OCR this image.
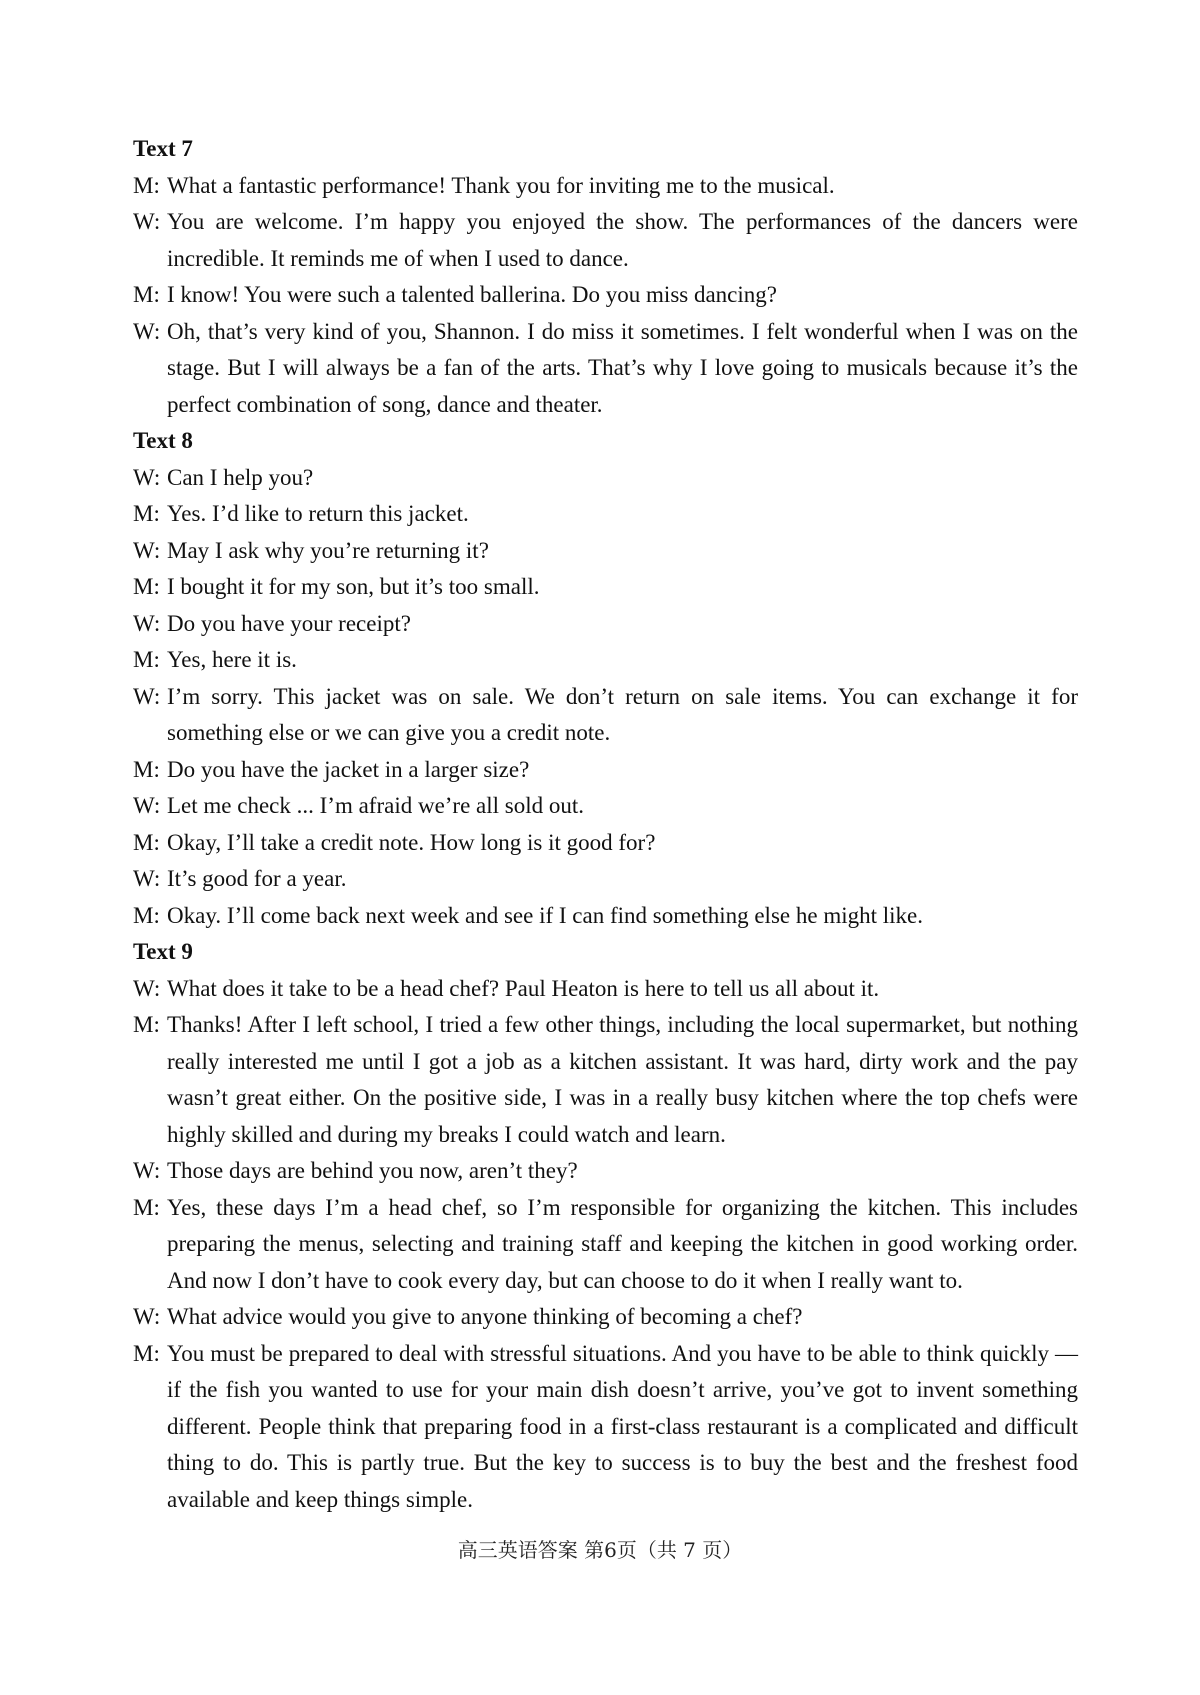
Text 7
M: What a fantastic performance! Thank you for inviting me to the musical.
W: You are welcome. I’m happy you enjoyed the show. The performances of the dancers were incredible. It reminds me of when I used to dance.
M: I know! You were such a talented ballerina. Do you miss dancing?
W: Oh, that’s very kind of you, Shannon. I do miss it sometimes. I felt wonderful when I was on the stage. But I will always be a fan of the arts. That’s why I love going to musicals because it’s the perfect combination of song, dance and theater.
Text 8
W: Can I help you?
M: Yes. I’d like to return this jacket.
W: May I ask why you’re returning it?
M: I bought it for my son, but it’s too small.
W: Do you have your receipt?
M: Yes, here it is.
W: I’m sorry. This jacket was on sale. We don’t return on sale items. You can exchange it for something else or we can give you a credit note.
M: Do you have the jacket in a larger size?
W: Let me check ... I’m afraid we’re all sold out.
M: Okay, I’ll take a credit note. How long is it good for?
W: It’s good for a year.
M: Okay. I’ll come back next week and see if I can find something else he might like.
Text 9
W: What does it take to be a head chef? Paul Heaton is here to tell us all about it.
M: Thanks! After I left school, I tried a few other things, including the local supermarket, but nothing really interested me until I got a job as a kitchen assistant. It was hard, dirty work and the pay wasn’t great either. On the positive side, I was in a really busy kitchen where the top chefs were highly skilled and during my breaks I could watch and learn.
W: Those days are behind you now, aren’t they?
M: Yes, these days I’m a head chef, so I’m responsible for organizing the kitchen. This includes preparing the menus, selecting and training staff and keeping the kitchen in good working order. And now I don’t have to cook every day, but can choose to do it when I really want to.
W: What advice would you give to anyone thinking of becoming a chef?
M: You must be prepared to deal with stressful situations. And you have to be able to think quickly — if the fish you wanted to use for your main dish doesn’t arrive, you’ve got to invent something different. People think that preparing food in a first-class restaurant is a complicated and difficult thing to do. This is partly true. But the key to success is to buy the best and the freshest food available and keep things simple.
高三英语答案 第6页（共 7 页）
